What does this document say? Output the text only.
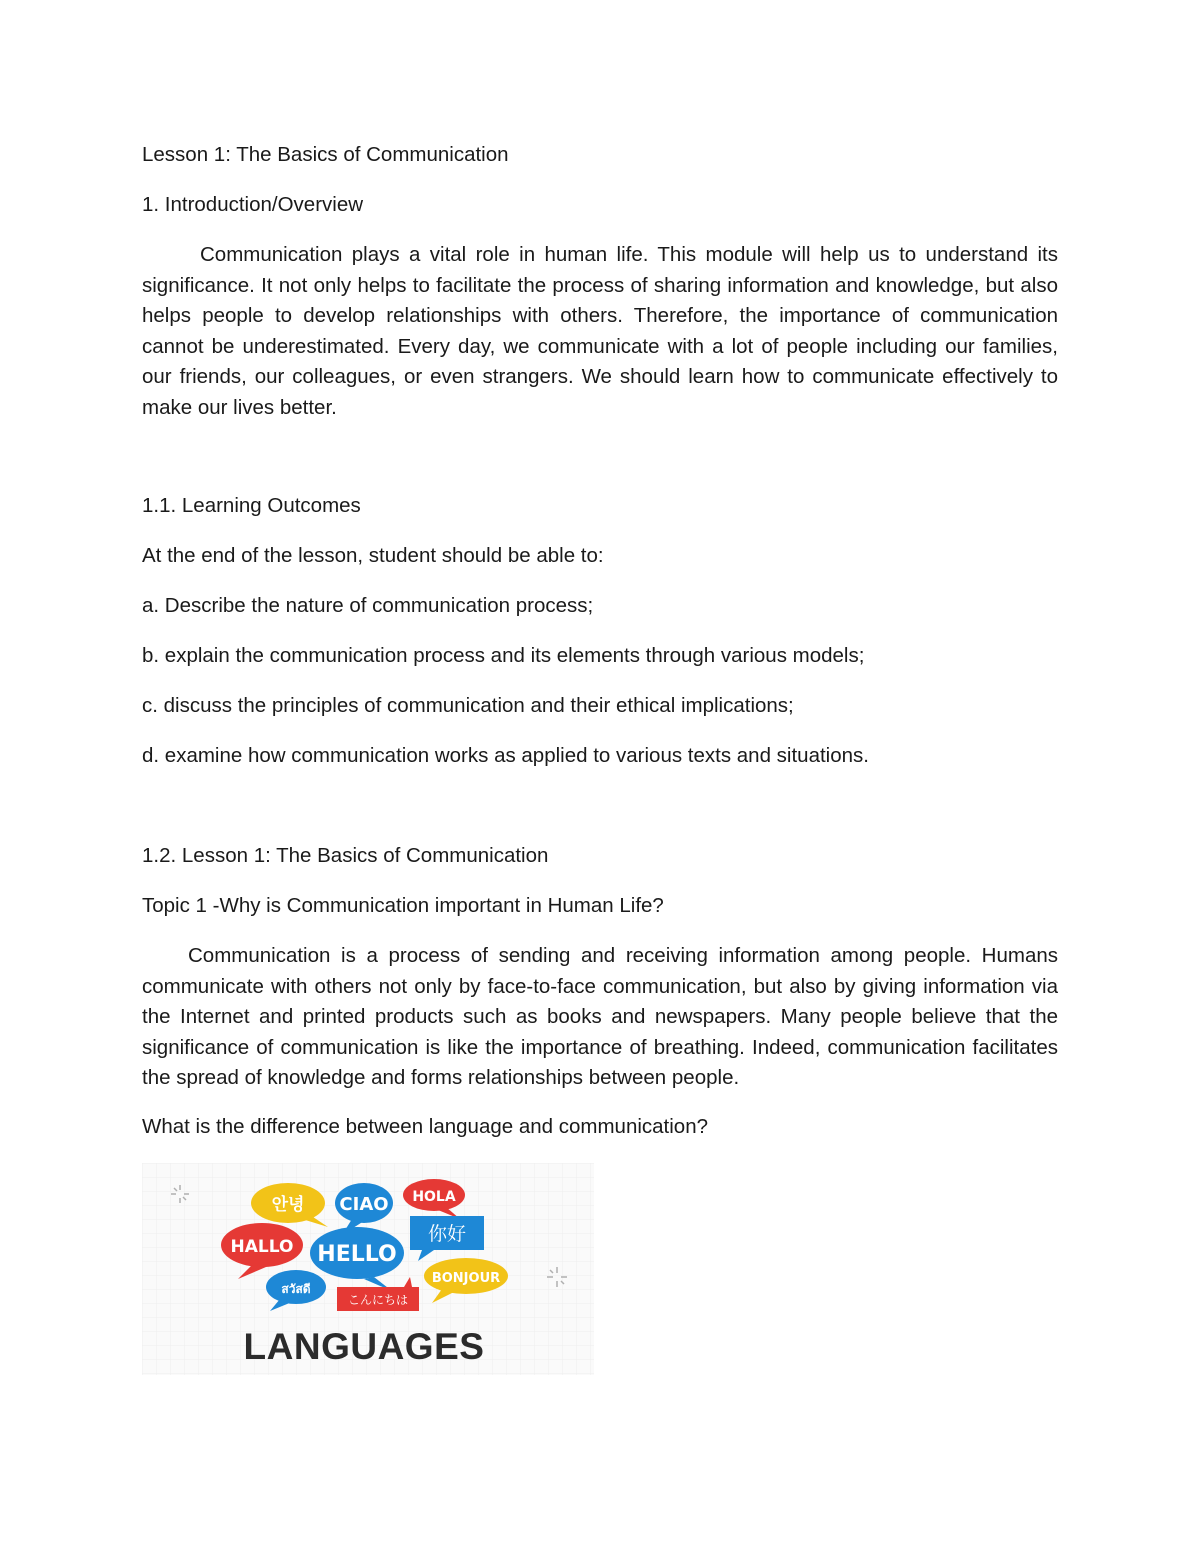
Lesson 1: The Basics of Communication

1. Introduction/Overview

Communication plays a vital role in human life. This module will help us to understand its significance. It not only helps to facilitate the process of sharing information and knowledge, but also helps people to develop relationships with others. Therefore, the importance of communication cannot be underestimated. Every day, we communicate with a lot of people including our families, our friends, our colleagues, or even strangers. We should learn how to communicate effectively to make our lives better.

1.1. Learning Outcomes

At the end of the lesson, student should be able to:

a. Describe the nature of communication process;

b. explain the communication process and its elements through various models;

c. discuss the principles of communication and their ethical implications;

d. examine how communication works as applied to various texts and situations.

1.2. Lesson 1: The Basics of Communication

Topic 1 -Why is Communication important in Human Life?

Communication is a process of sending and receiving information among people. Humans communicate with others not only by face-to-face communication, but also by giving information via the Internet and printed products such as books and newspapers. Many people believe that the significance of communication is like the importance of breathing. Indeed, communication facilitates the spread of knowledge and forms relationships between people.

What is the difference between language and communication?

안녕 CIAO HOLA
你好
HALLO HELLO
BONJOUR
สวัสดี
こんにちは
LANGUAGES
